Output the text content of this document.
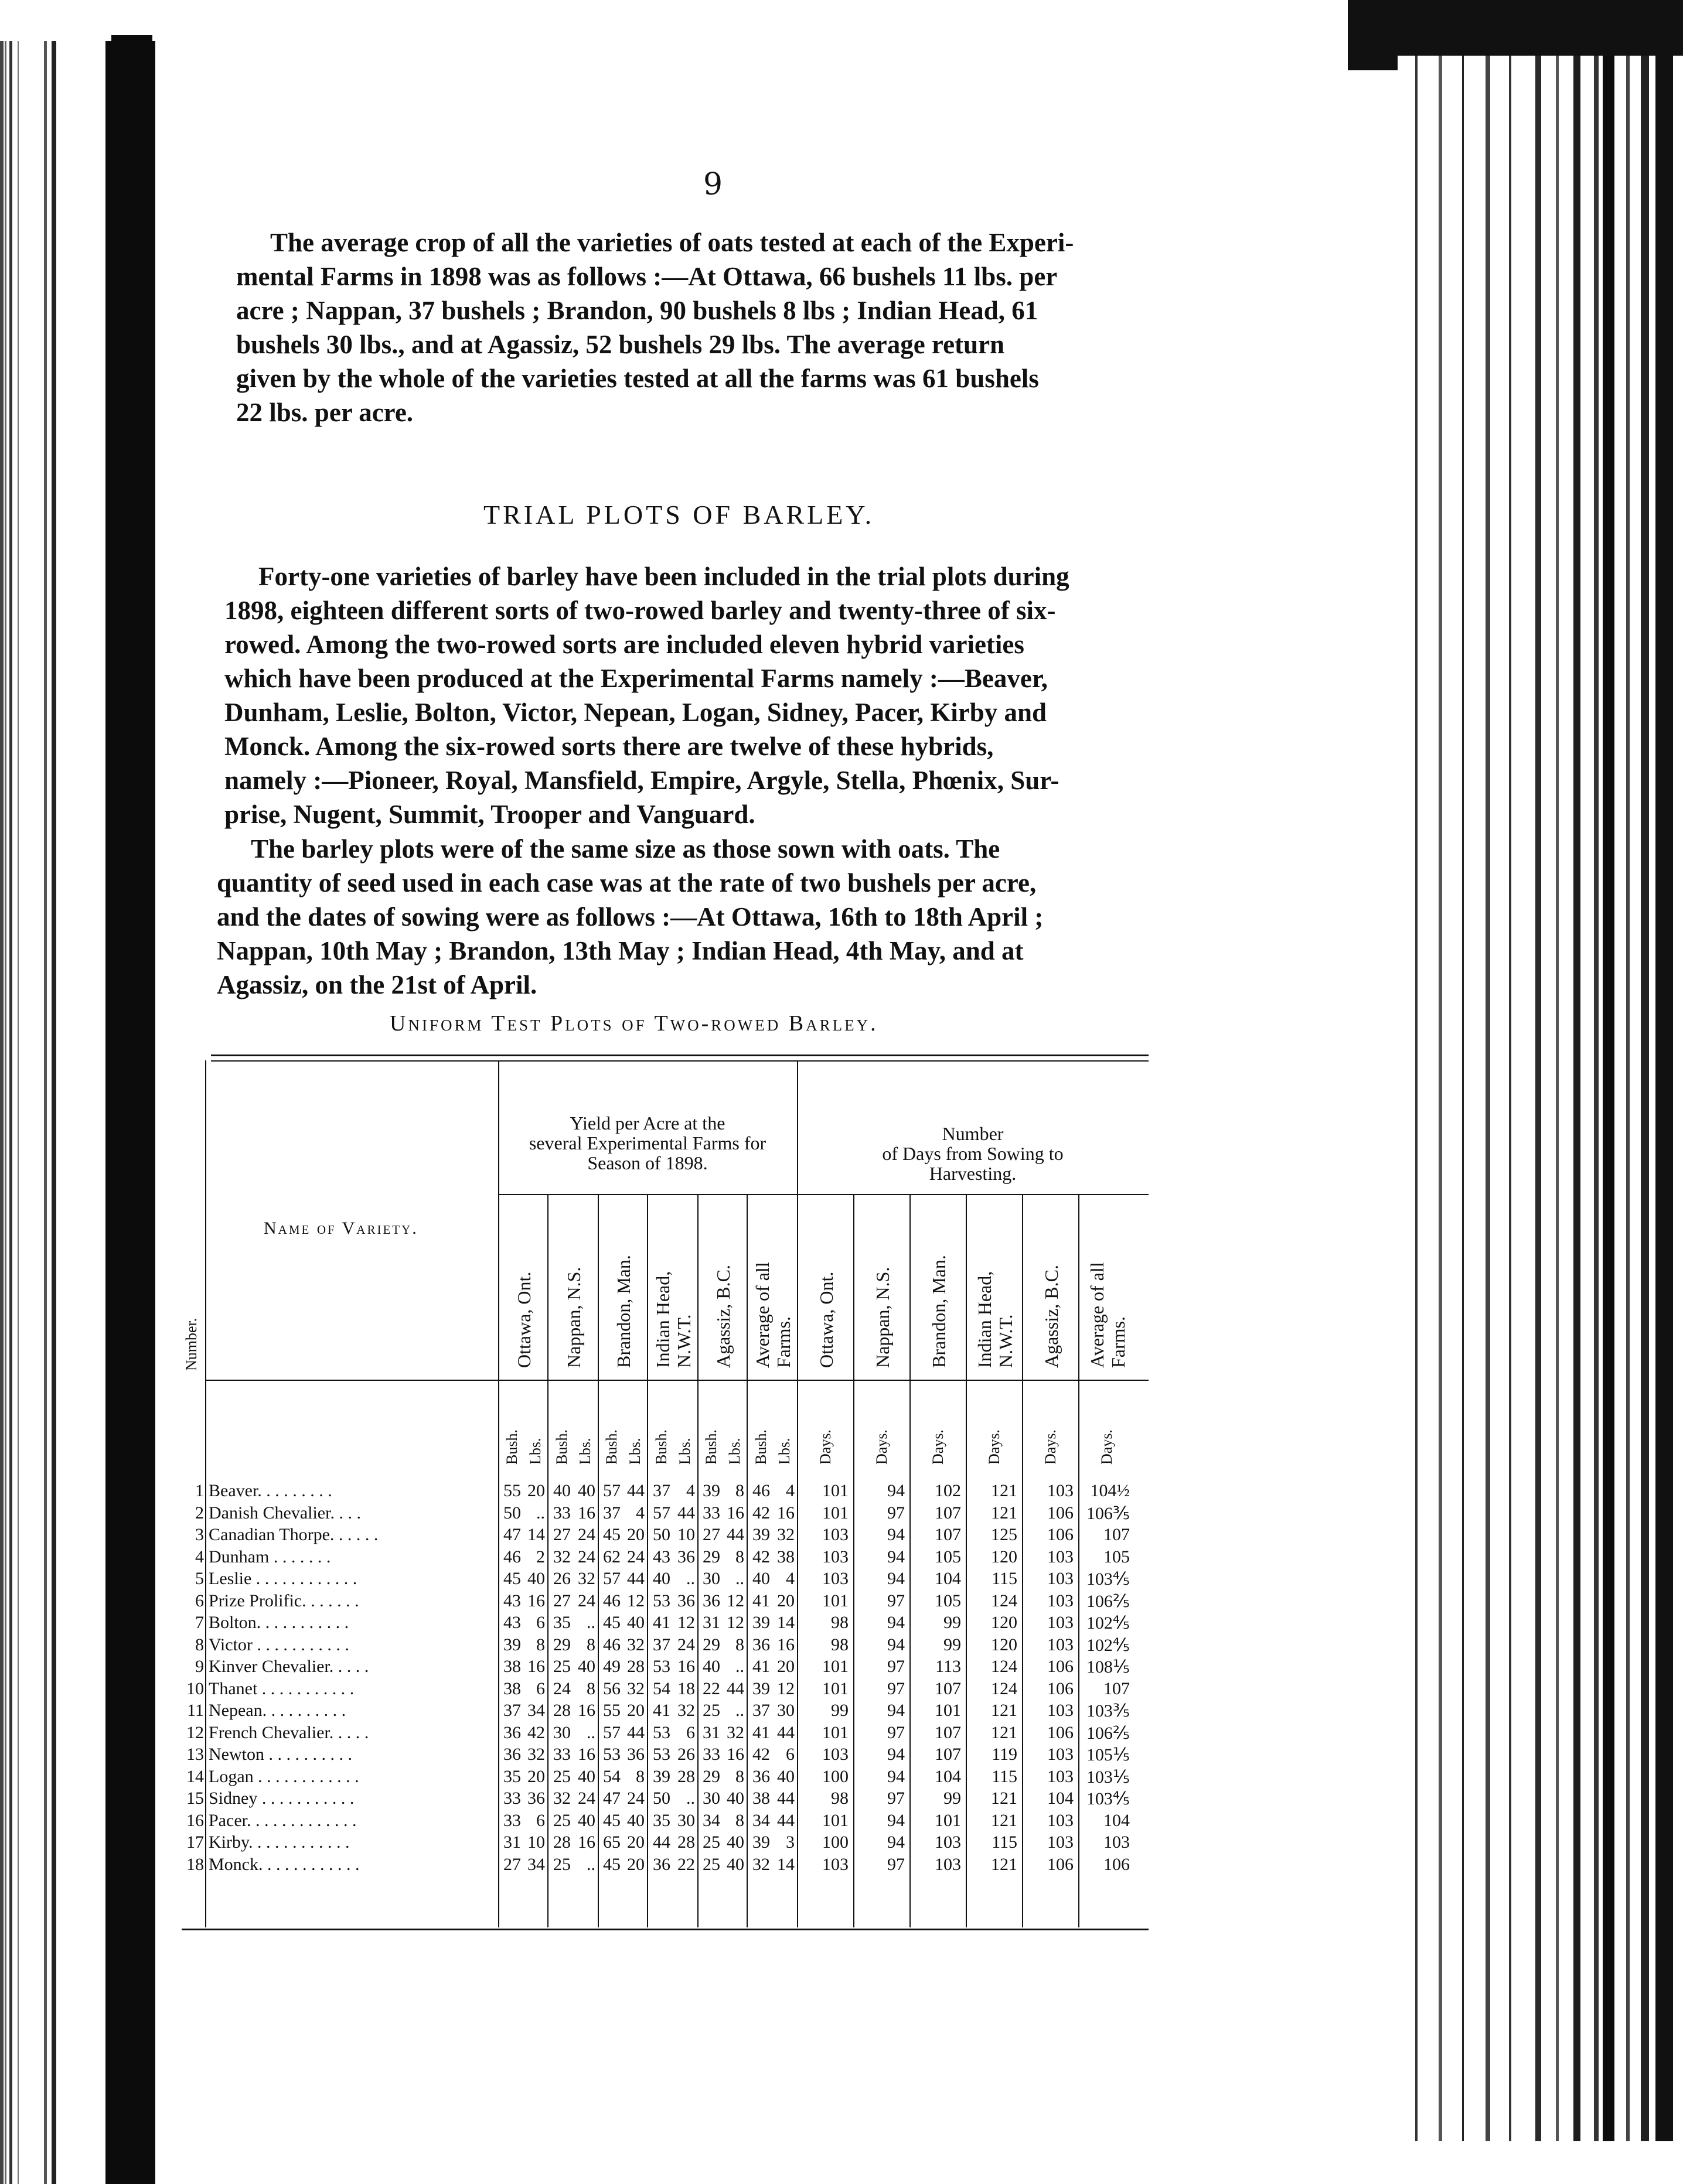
9
The average crop of all the varieties of oats tested at each of the Experi-
mental Farms in 1898 was as follows :—At Ottawa, 66 bushels 11 lbs. per
acre ; Nappan, 37 bushels ; Brandon, 90 bushels 8 lbs ; Indian Head, 61
bushels 30 lbs., and at Agassiz, 52 bushels 29 lbs. The average return
given by the whole of the varieties tested at all the farms was 61 bushels
22 lbs. per acre.
TRIAL PLOTS OF BARLEY.
Forty-one varieties of barley have been included in the trial plots during
1898, eighteen different sorts of two-rowed barley and twenty-three of six-
rowed. Among the two-rowed sorts are included eleven hybrid varieties
which have been produced at the Experimental Farms namely :—Beaver,
Dunham, Leslie, Bolton, Victor, Nepean, Logan, Sidney, Pacer, Kirby and
Monck. Among the six-rowed sorts there are twelve of these hybrids,
namely :—Pioneer, Royal, Mansfield, Empire, Argyle, Stella, Phœnix, Sur-
prise, Nugent, Summit, Trooper and Vanguard.
The barley plots were of the same size as those sown with oats. The
quantity of seed used in each case was at the rate of two bushels per acre,
and the dates of sowing were as follows :—At Ottawa, 16th to 18th April ;
Nappan, 10th May ; Brandon, 13th May ; Indian Head, 4th May, and at
Agassiz, on the 21st of April.
Uniform Test Plots of Two-rowed Barley.
Yield per Acre at the
several Experimental Farms for
Season of 1898.
Number
of Days from Sowing to
Harvesting.
Name of Variety.
Number.	Ottawa, Ont. Nappan, N.S. Brandon, Man. Indian Head, N.W.T. Agassiz, B.C. Average of all Farms. Ottawa, Ont. Nappan, N.S. Brandon, Man. Indian Head, N.W.T. Agassiz, B.C. Average of all Farms.
Bush. Lbs. Bush. Lbs. Bush. Lbs. Bush. Lbs. Bush. Lbs. Bush. Lbs. Days.	Days.	Days.	Days.	Days.	Days.
1 Beaver. . . . . . . . .	55 20 40 40 57 44 37 4 39 8 46 4 101 94 102 121 103 104½
2 Danish Chevalier. . . .	50 .. 33 16 37 4 57 44 33 16 42 16 101 97 107 121 106 106⅗
3 Canadian Thorpe. . . . . .	47 14 27 24 45 20 50 10 27 44 39 32 103 94 107 125 106 107
4 Dunham . . . . . . .	46 2 32 24 62 24 43 36 29 8 42 38 103 94 105 120 103 105
5 Leslie . . . . . . . . . . . .	45 40 26 32 57 44 40 .. 30 .. 40 4 103 94 104 115 103 103⅘
6 Prize Prolific. . . . . . .	43 16 27 24 46 12 53 36 36 12 41 20 101 97 105 124 103 106⅖
7 Bolton. . . . . . . . . . .	43 6 35 .. 45 40 41 12 31 12 39 14 98 94 99 120 103 102⅘
8 Victor . . . . . . . . . . .	39 8 29 8 46 32 37 24 29 8 36 16 98 94 99 120 103 102⅘
9 Kinver Chevalier. . . . .	38 16 25 40 49 28 53 16 40 .. 41 20 101 97 113 124 106 108⅕
10 Thanet . . . . . . . . . . .	38 6 24 8 56 32 54 18 22 44 39 12 101 97 107 124 106 107
11 Nepean. . . . . . . . . .	37 34 28 16 55 20 41 32 25 .. 37 30 99 94 101 121 103 103⅗
12 French Chevalier. . . . .	36 42 30 .. 57 44 53 6 31 32 41 44 101 97 107 121 106 106⅖
13 Newton . . . . . . . . . .	36 32 33 16 53 36 53 26 33 16 42 6 103 94 107 119 103 105⅕
14 Logan . . . . . . . . . . . .	35 20 25 40 54 8 39 28 29 8 36 40 100 94 104 115 103 103⅕
15 Sidney . . . . . . . . . . .	33 36 32 24 47 24 50 .. 30 40 38 44 98 97 99 121 104 103⅘
16 Pacer. . . . . . . . . . . . .	33 6 25 40 45 40 35 30 34 8 34 44 101 94 101 121 103 104
17 Kirby. . . . . . . . . . . .	31 10 28 16 65 20 44 28 25 40 39 3 100 94 103 115 103 103
18 Monck. . . . . . . . . . . .	27 34 25 .. 45 20 36 22 25 40 32 14 103 97 103 121 106 106
